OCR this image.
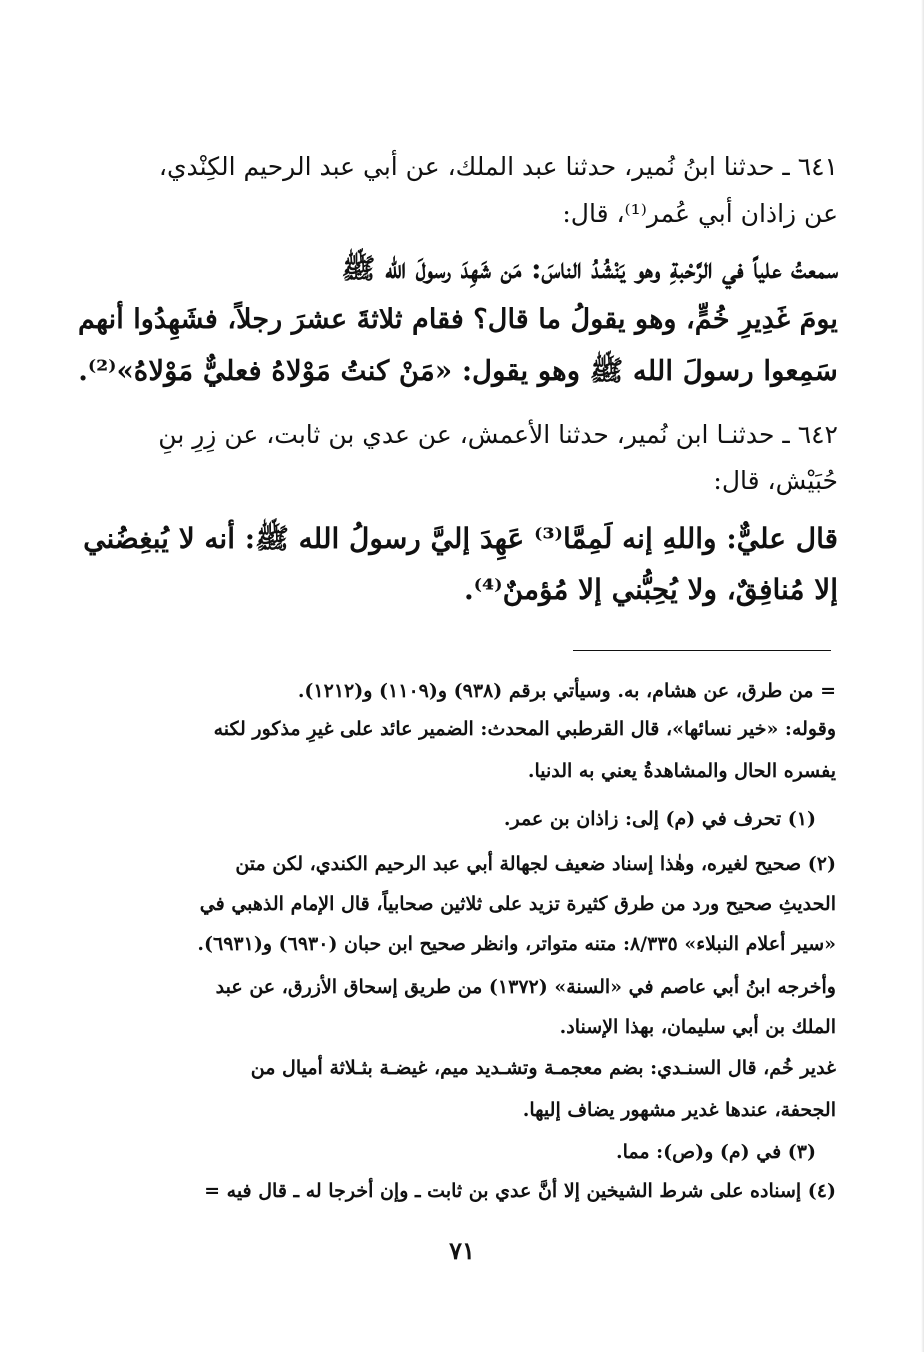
٦٤١ ـ حدثنا ابنُ نُمير، حدثنا عبد الملك، عن أبي عبد الرحيم الكِنْدي،
عن زاذان أبي عُمر⁽¹⁾، قال:
سمعتُ علياً في الرَّحْبةِ وهو يَنْشُدُ الناسَ: مَن شَهِدَ رسولَ الله ﷺ
يومَ غَدِيرِ خُمٍّ، وهو يقولُ ما قال؟ فقام ثلاثةَ عشرَ رجلاً، فشَهِدُوا أنهم
سَمِعوا رسولَ الله ﷺ وهو يقول: «مَنْ كنتُ مَوْلاهُ فعليٌّ مَوْلاهُ»⁽²⁾.
٦٤٢ ـ حدثنـا ابن نُمير، حدثنا الأعمش، عن عدي بن ثابت، عن زِرِ بنِ
حُبَيْش، قال:
قال عليٌّ: واللهِ إنه لَمِمَّا⁽³⁾ عَهِدَ إليَّ رسولُ الله ﷺ: أنه لا يُبغِضُني
إلا مُنافِقٌ، ولا يُحِبُّني إلا مُؤمنٌ⁽⁴⁾.
= من طرق، عن هشام، به. وسيأتي برقم (٩٣٨) و(١١٠٩) و(١٢١٢).
وقوله: «خير نسائها»، قال القرطبي المحدث: الضمير عائد على غيرِ مذكور لكنه
يفسره الحال والمشاهدةُ يعني به الدنيا.
(١) تحرف في (م) إلى: زاذان بن عمر.
(٢) صحيح لغيره، وهٰذا إسناد ضعيف لجهالة أبي عبد الرحيم الكندي، لكن متن
الحديثِ صحيح ورد من طرق كثيرة تزيد على ثلاثين صحابياً، قال الإمام الذهبي في
«سير أعلام النبلاء» ٨/٣٣٥: متنه متواتر، وانظر صحيح ابن حبان (٦٩٣٠) و(٦٩٣١).
وأخرجه ابنُ أبي عاصم في «السنة» (١٣٧٢) من طريق إسحاق الأزرق، عن عبد
الملك بن أبي سليمان، بهذا الإسناد.
غدير خُم، قال السنـدي: بضم معجمـة وتشـديد ميم، غيضـة بثـلاثة أميال من
الجحفة، عندها غدير مشهور يضاف إليها.
(٣) في (م) و(ص): مما.
(٤) إسناده على شرط الشيخين إلا أنَّ عدي بن ثابت ـ وإن أخرجا له ـ قال فيه =
٧١
